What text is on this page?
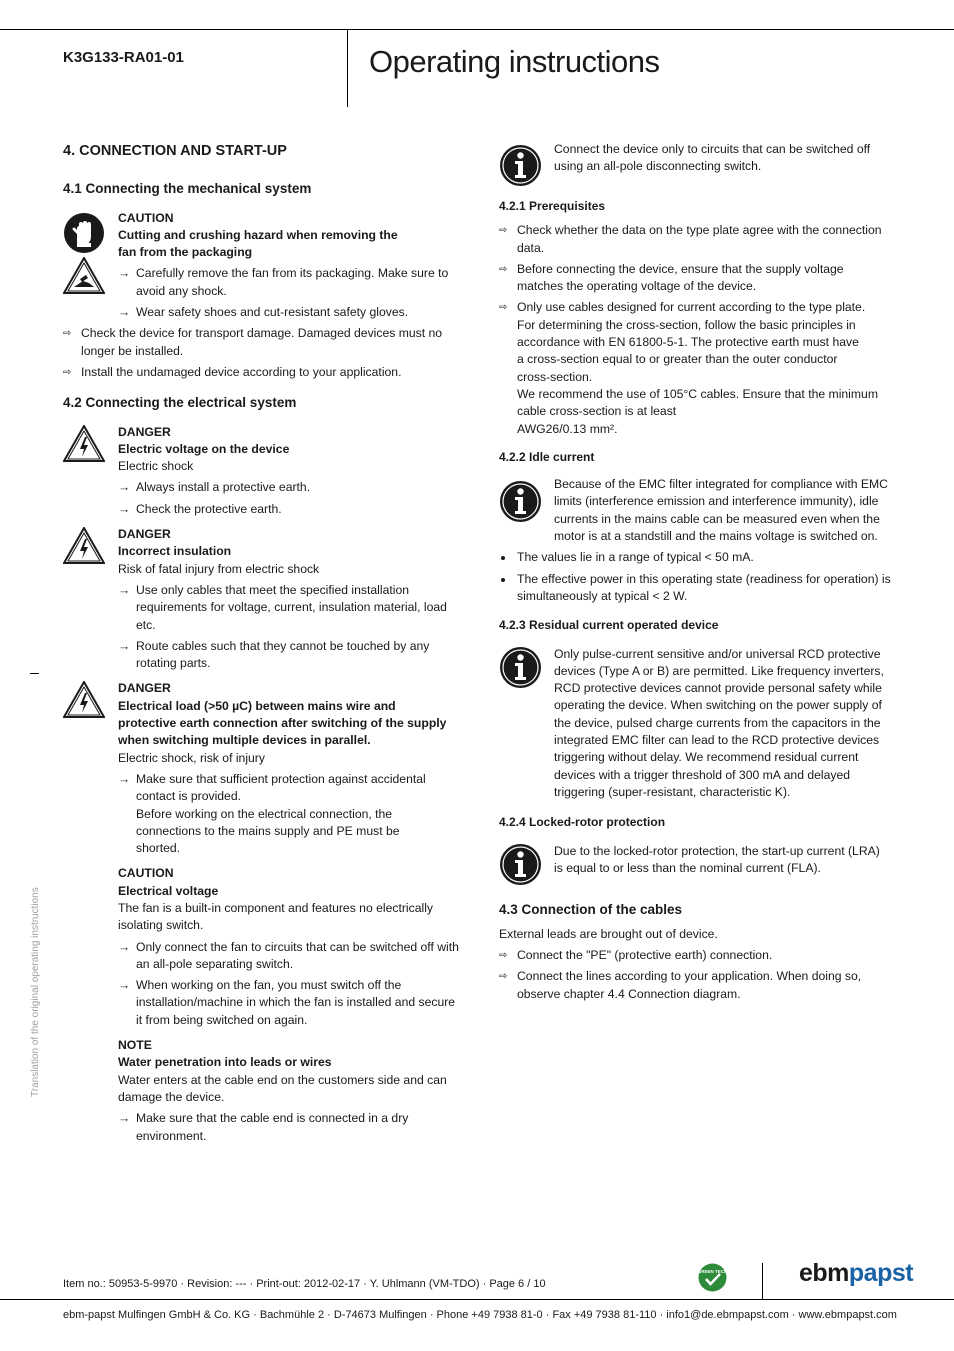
K3G133-RA01-01	Operating instructions
Translation of the original operating instructions
4. CONNECTION AND START-UP
4.1 Connecting the mechanical system

CAUTION

Cutting and crushing hazard when removing the fan from the packaging

→ Carefully remove the fan from its packaging. Make sure to avoid any shock.

→ Wear safety shoes and cut-resistant safety gloves.

⇨ Check the device for transport damage. Damaged devices must no longer be installed.

⇨ Install the undamaged device according to your application.

4.2 Connecting the electrical system

DANGER

Electric voltage on the device

Electric shock

→ Always install a protective earth.

→ Check the protective earth.

DANGER

Incorrect insulation

Risk of fatal injury from electric shock

→ Use only cables that meet the specified installation requirements for voltage, current, insulation material, load etc.

→ Route cables such that they cannot be touched by any rotating parts.

DANGER

Electrical load (>50 µC) between mains wire and protective earth connection after switching of the supply when switching multiple devices in parallel.

Electric shock, risk of injury

→ Make sure that sufficient protection against accidental contact is provided.

Before working on the electrical connection, the connections to the mains supply and PE must be shorted.

CAUTION

Electrical voltage

The fan is a built-in component and features no electrically isolating switch.

→ Only connect the fan to circuits that can be switched off with an all-pole separating switch.

→ When working on the fan, you must switch off the installation/machine in which the fan is installed and secure it from being switched on again.

NOTE

Water penetration into leads or wires

Water enters at the cable end on the customers side and can damage the device.

→ Make sure that the cable end is connected in a dry environment.

Connect the device only to circuits that can be switched off using an all-pole disconnecting switch.

4.2.1 Prerequisites

⇨ Check whether the data on the type plate agree with the connection data.

⇨ Before connecting the device, ensure that the supply voltage matches the operating voltage of the device.

⇨ Only use cables designed for current according to the type plate.

For determining the cross-section, follow the basic principles in accordance with EN 61800-5-1. The protective earth must have a cross-section equal to or greater than the outer conductor cross-section.

We recommend the use of 105°C cables. Ensure that the minimum cable cross-section is at least

AWG26/0.13 mm².

4.2.2 Idle current

Because of the EMC filter integrated for compliance with EMC limits (interference emission and interference immunity), idle currents in the mains cable can be measured even when the motor is at a standstill and the mains voltage is switched on.

The values lie in a range of typical < 50 mA.

The effective power in this operating state (readiness for operation) is simultaneously at typical < 2 W.

4.2.3 Residual current operated device

Only pulse-current sensitive and/or universal RCD protective devices (Type A or B) are permitted. Like frequency inverters, RCD protective devices cannot provide personal safety while operating the device. When switching on the power supply of the device, pulsed charge currents from the capacitors in the integrated EMC filter can lead to the RCD protective devices triggering without delay. We recommend residual current devices with a trigger threshold of 300 mA and delayed triggering (super-resistant, characteristic K).

4.2.4 Locked-rotor protection

Due to the locked-rotor protection, the start-up current (LRA) is equal to or less than the nominal current (FLA).

4.3 Connection of the cables

External leads are brought out of device.

⇨ Connect the "PE" (protective earth) connection.

⇨ Connect the lines according to your application. When doing so, observe chapter 4.4 Connection diagram.

Item no.: 50953-5-9970 · Revision: --- · Print-out: 2012-02-17 · Y. Uhlmann (VM-TDO) · Page 6 / 10
GREEN TECH	ebmpapst
ebm-papst Mulfingen GmbH & Co. KG · Bachmühle 2 · D-74673 Mulfingen · Phone +49 7938 81-0 · Fax +49 7938 81-110 · info1@de.ebmpapst.com · www.ebmpapst.com
